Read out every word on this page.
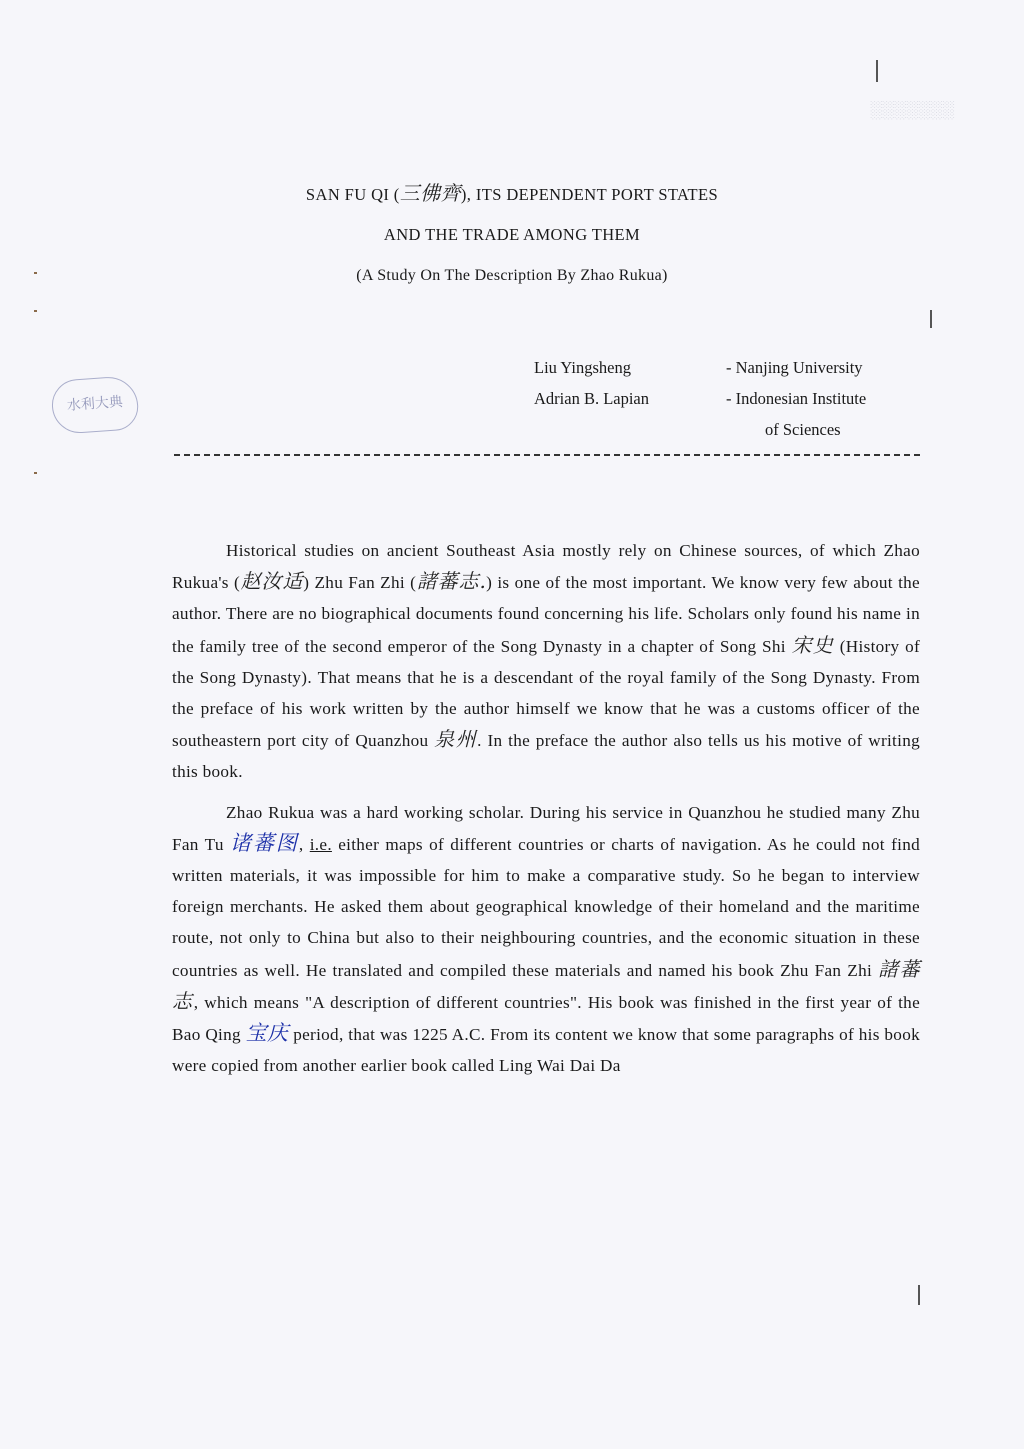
░░░░░░░
水利大典
SAN FU QI (三佛齊), ITS DEPENDENT PORT STATES
AND THE TRADE AMONG THEM
(A Study On The Description By Zhao Rukua)
Liu Yingsheng	- Nanjing University
Adrian B. Lapian	- Indonesian Institute
of Sciences

Historical studies on ancient Southeast Asia mostly rely on Chinese sources, of which Zhao Rukua's (赵汝适) Zhu Fan Zhi (諸蕃志.) is one of the most important. We know very few about the author. There are no biographical documents found concerning his life. Scholars only found his name in the family tree of the second emperor of the Song Dynasty in a chapter of Song Shi 宋史 (History of the Song Dynasty). That means that he is a descendant of the royal family of the Song Dynasty. From the preface of his work written by the author himself we know that he was a customs officer of the southeastern port city of Quanzhou 泉州. In the preface the author also tells us his motive of writing this book.

Zhao Rukua was a hard working scholar. During his service in Quanzhou he studied many Zhu Fan Tu 诸蕃图, i.e. either maps of different countries or charts of navigation. As he could not find written materials, it was impossible for him to make a comparative study. So he began to interview foreign merchants. He asked them about geographical knowledge of their homeland and the maritime route, not only to China but also to their neighbouring countries, and the economic situation in these countries as well. He translated and compiled these materials and named his book Zhu Fan Zhi 諸蕃志, which means "A description of different countries". His book was finished in the first year of the Bao Qing 宝庆 period, that was 1225 A.C. From its content we know that some paragraphs of his book were copied from another earlier book called Ling Wai Dai Da
